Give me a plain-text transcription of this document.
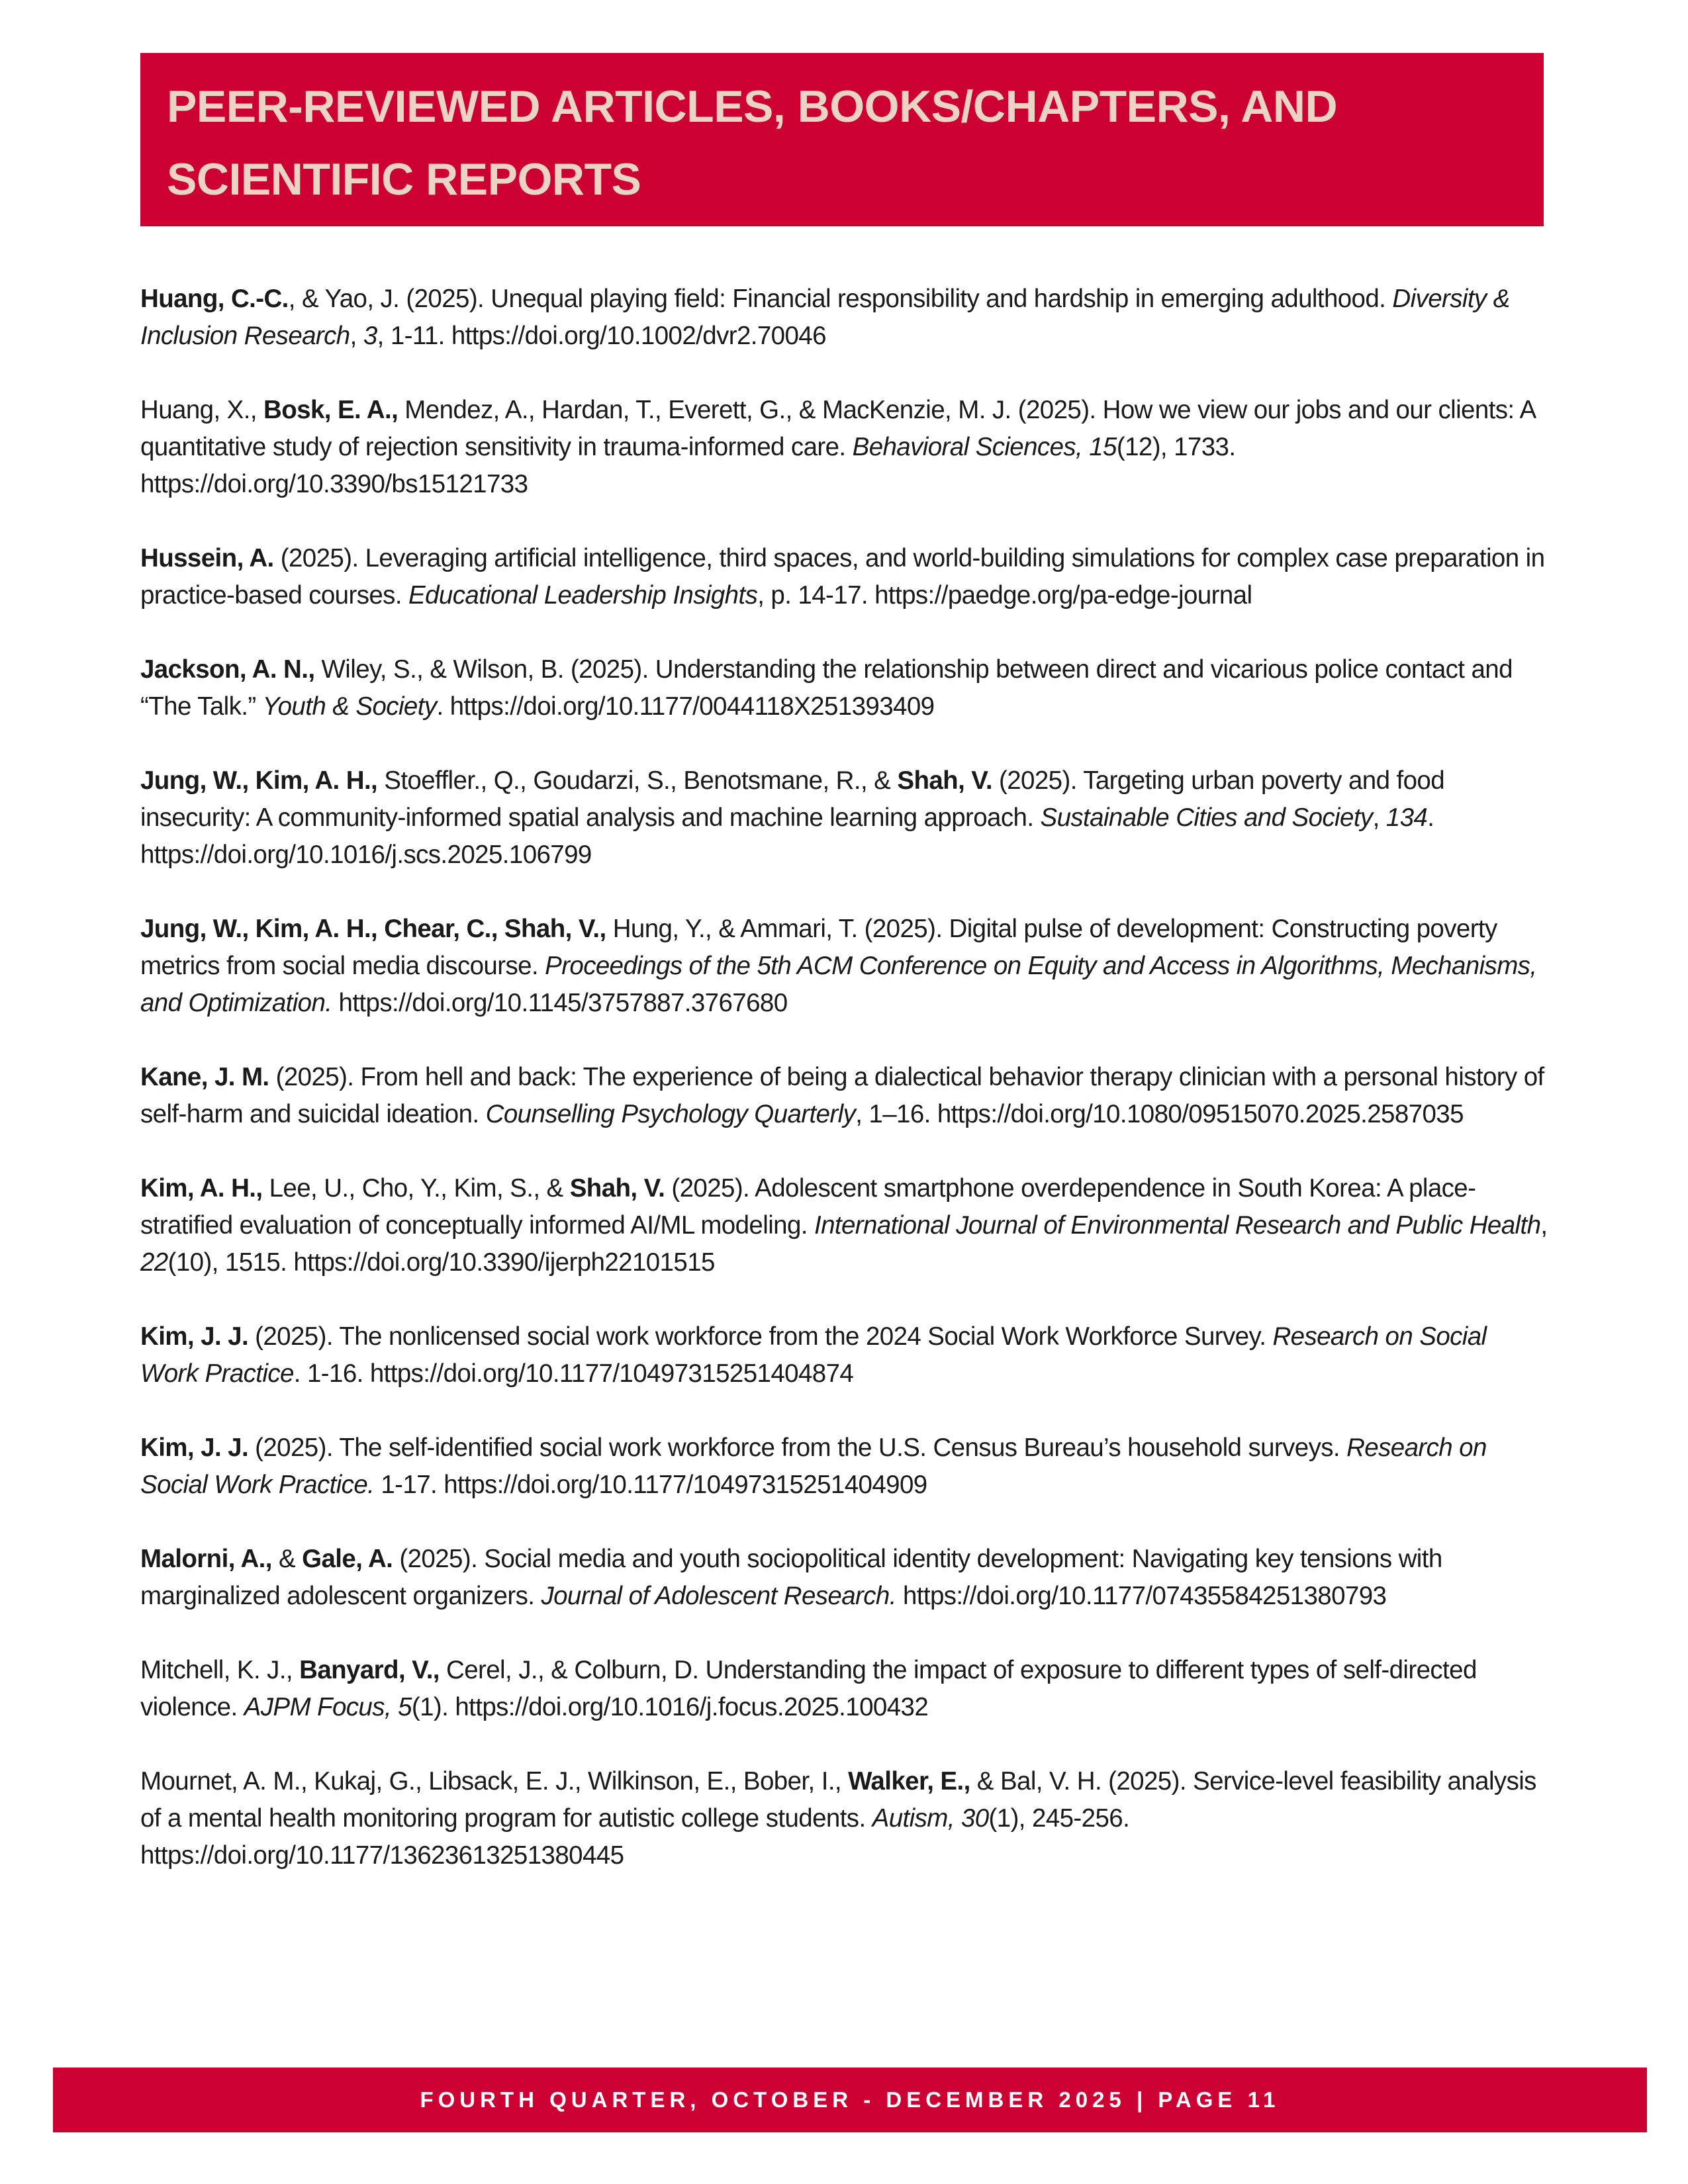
PEER-REVIEWED ARTICLES, BOOKS/CHAPTERS, AND SCIENTIFIC REPORTS

Huang, C.-C., & Yao, J. (2025). Unequal playing field: Financial responsibility and hardship in emerging adulthood. Diversity & Inclusion Research, 3, 1-11. https://doi.org/10.1002/dvr2.70046

Huang, X., Bosk, E. A., Mendez, A., Hardan, T., Everett, G., & MacKenzie, M. J. (2025). How we view our jobs and our clients: A quantitative study of rejection sensitivity in trauma-informed care. Behavioral Sciences, 15(12), 1733. https://doi.org/10.3390/bs15121733

Hussein, A. (2025). Leveraging artificial intelligence, third spaces, and world-building simulations for complex case preparation in practice-based courses. Educational Leadership Insights, p. 14-17. https://paedge.org/pa-edge-journal

Jackson, A. N., Wiley, S., & Wilson, B. (2025). Understanding the relationship between direct and vicarious police contact and “The Talk.” Youth & Society. https://doi.org/10.1177/0044118X251393409

Jung, W., Kim, A. H., Stoeffler., Q., Goudarzi, S., Benotsmane, R., & Shah, V. (2025). Targeting urban poverty and food insecurity: A community-informed spatial analysis and machine learning approach. Sustainable Cities and Society, 134. https://doi.org/10.1016/j.scs.2025.106799

Jung, W., Kim, A. H., Chear, C., Shah, V., Hung, Y., & Ammari, T. (2025). Digital pulse of development: Constructing poverty metrics from social media discourse. Proceedings of the 5th ACM Conference on Equity and Access in Algorithms, Mechanisms, and Optimization. https://doi.org/10.1145/3757887.3767680

Kane, J. M. (2025). From hell and back: The experience of being a dialectical behavior therapy clinician with a personal history of self-harm and suicidal ideation. Counselling Psychology Quarterly, 1–16. https://doi.org/10.1080/09515070.2025.2587035

Kim, A. H., Lee, U., Cho, Y., Kim, S., & Shah, V. (2025). Adolescent smartphone overdependence in South Korea: A place-stratified evaluation of conceptually informed AI/ML modeling. International Journal of Environmental Research and Public Health, 22(10), 1515. https://doi.org/10.3390/ijerph22101515

Kim, J. J. (2025). The nonlicensed social work workforce from the 2024 Social Work Workforce Survey. Research on Social Work Practice. 1-16. https://doi.org/10.1177/10497315251404874

Kim, J. J. (2025). The self-identified social work workforce from the U.S. Census Bureau’s household surveys. Research on Social Work Practice. 1-17. https://doi.org/10.1177/10497315251404909

Malorni, A., & Gale, A. (2025). Social media and youth sociopolitical identity development: Navigating key tensions with marginalized adolescent organizers. Journal of Adolescent Research. https://doi.org/10.1177/07435584251380793

Mitchell, K. J., Banyard, V., Cerel, J., & Colburn, D. Understanding the impact of exposure to different types of self-directed violence. AJPM Focus, 5(1). https://doi.org/10.1016/j.focus.2025.100432

Mournet, A. M., Kukaj, G., Libsack, E. J., Wilkinson, E., Bober, I., Walker, E., & Bal, V. H. (2025). Service-level feasibility analysis of a mental health monitoring program for autistic college students. Autism, 30(1), 245-256. https://doi.org/10.1177/13623613251380445

FOURTH QUARTER, OCTOBER - DECEMBER 2025 | PAGE 11
